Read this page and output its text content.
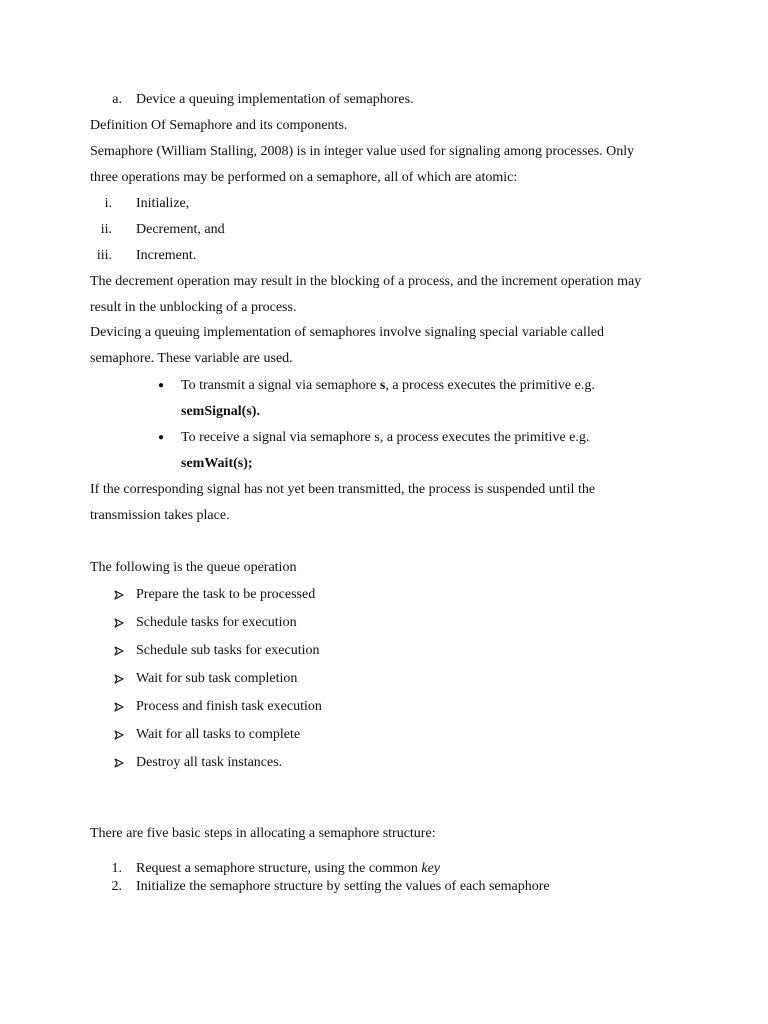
a. Device a queuing implementation of semaphores.
Definition Of Semaphore and its components.
Semaphore (William Stalling, 2008) is in integer value used for signaling among processes. Only
three operations may be performed on a semaphore, all of which are atomic:
i. Initialize,
ii. Decrement, and
iii. Increment.
The decrement operation may result in the blocking of a process, and the increment operation may
result in the unblocking of a process.
Devicing a queuing implementation of semaphores involve signaling special variable called
semaphore. These variable are used.
● To transmit a signal via semaphore s, a process executes the primitive e.g.
semSignal(s).
● To receive a signal via semaphore s, a process executes the primitive e.g.
semWait(s);
If the corresponding signal has not yet been transmitted, the process is suspended until the
transmission takes place.
The following is the queue operation
Prepare the task to be processed
Schedule tasks for execution
Schedule sub tasks for execution
Wait for sub task completion
Process and finish task execution
Wait for all tasks to complete
Destroy all task instances.
There are five basic steps in allocating a semaphore structure:
1. Request a semaphore structure, using the common key
2. Initialize the semaphore structure by setting the values of each semaphore
